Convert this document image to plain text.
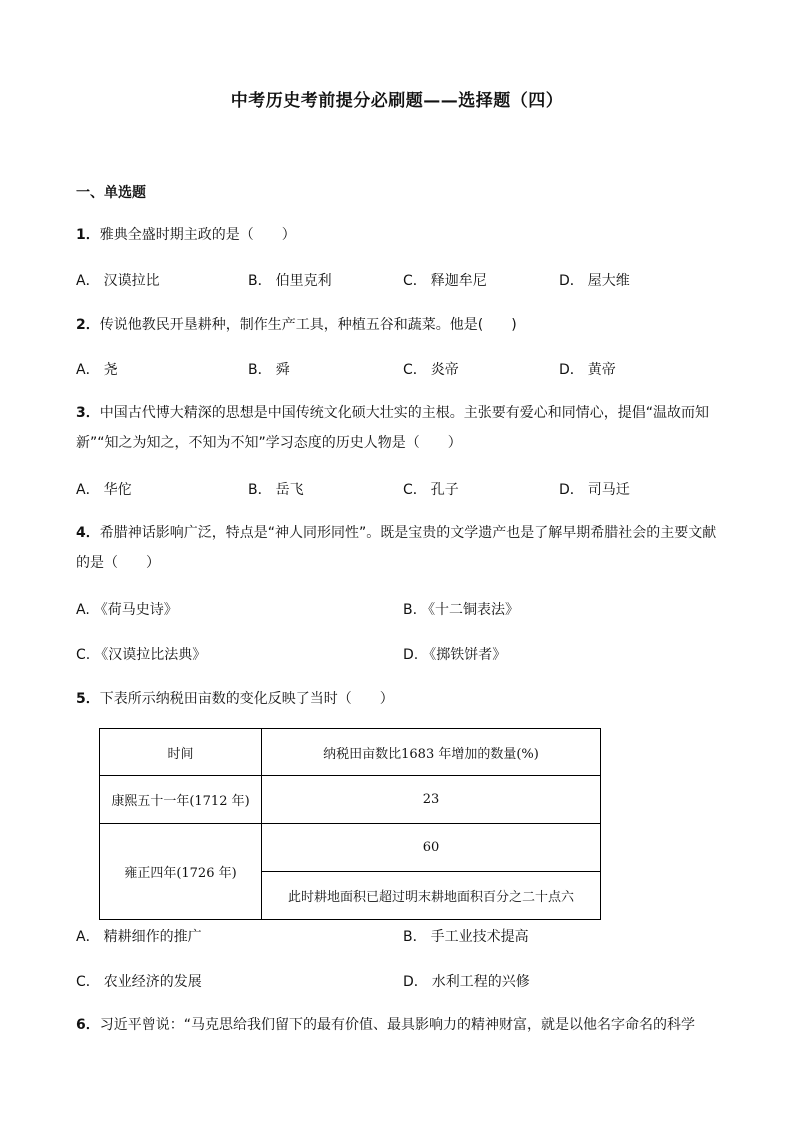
中考历史考前提分必刷题——选择题（四）
一、单选题
1．雅典全盛时期主政的是（　　）
A． 汉谟拉比	B． 伯里克利	C． 释迦牟尼	D． 屋大维
2．传说他教民开垦耕种，制作生产工具，种植五谷和蔬菜。他是(　　)
A． 尧	B． 舜	C． 炎帝	D． 黄帝
3．中国古代博大精深的思想是中国传统文化硕大壮实的主根。主张要有爱心和同情心，提倡“温故而知新”“知之为知之，不知为不知”学习态度的历史人物是（　　）
A． 华佗	B． 岳飞	C． 孔子	D． 司马迁
4．希腊神话影响广泛，特点是“神人同形同性”。既是宝贵的文学遗产也是了解早期希腊社会的主要文献的是（　　）
A. 《荷马史诗》	B. 《十二铜表法》
C. 《汉谟拉比法典》	D. 《掷铁饼者》
5．下表所示纳税田亩数的变化反映了当时（　　）
时间	纳税田亩数比1683 年增加的数量(%)
康熙五十一年(1712 年)	23
雍正四年(1726 年)	60
	此时耕地面积已超过明末耕地面积百分之二十点六
A． 精耕细作的推广	B． 手工业技术提高
C． 农业经济的发展	D． 水利工程的兴修
6．习近平曾说：“马克思给我们留下的最有价值、最具影响力的精神财富，就是以他名字命名的科学
